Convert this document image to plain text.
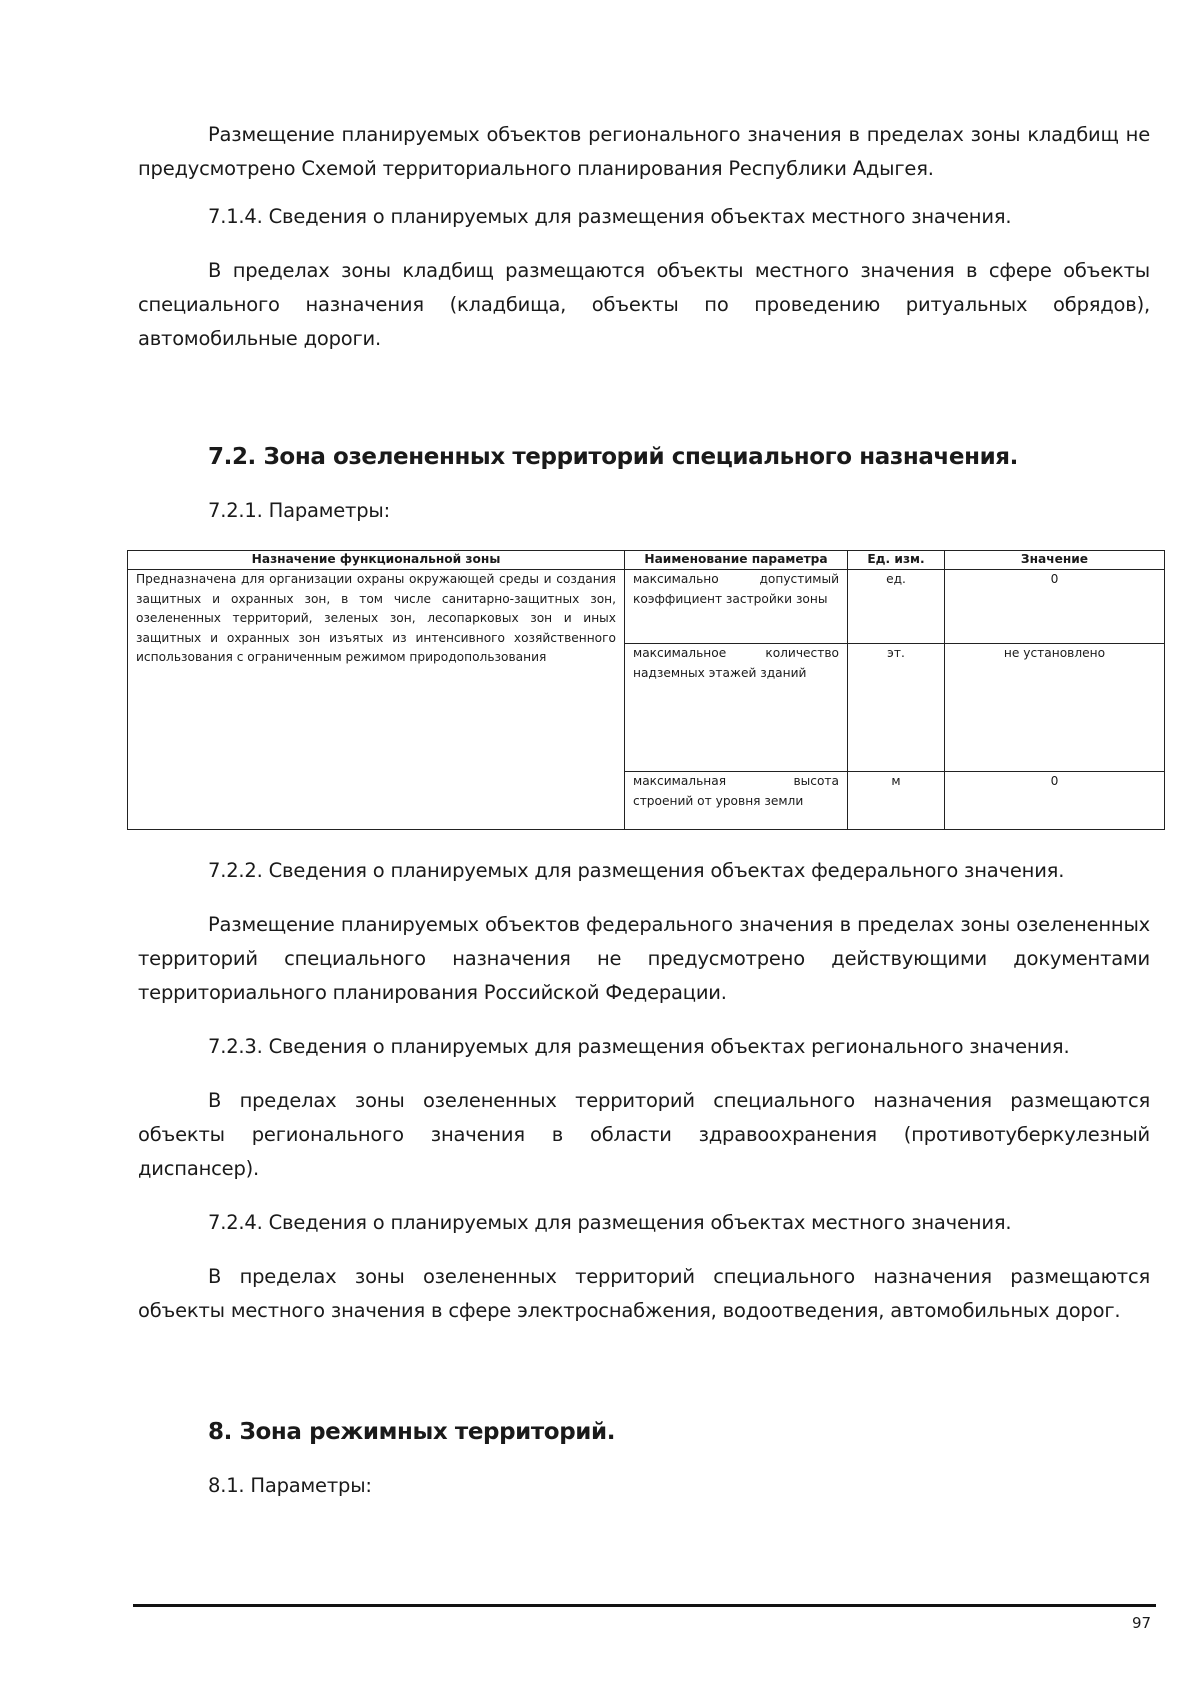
Размещение планируемых объектов регионального значения в пределах зоны кладбищ не предусмотрено Схемой территориального планирования Республики Адыгея.

7.1.4. Сведения о планируемых для размещения объектах местного значения.

В пределах зоны кладбищ размещаются объекты местного значения в сфере объекты специального назначения (кладбища, объекты по проведению ритуальных обрядов), автомобильные дороги.

7.2. Зона озелененных территорий специального назначения.

7.2.1. Параметры:

Назначение функциональной зоны	Наименование параметра	Ед. изм.	Значение
Предназначена для организации охраны окружающей среды и создания защитных и охранных зон, в том числе санитарно-защитных зон, озелененных территорий, зеленых зон, лесопарковых зон и иных защитных и охранных зон изъятых из интенсивного хозяйственного использования с ограниченным режимом природопользования	максимально допустимый коэффициент застройки зоны	ед.	0
	максимальное количество надземных этажей зданий	эт.	не установлено
	максимальная высота строений от уровня земли	м	0

7.2.2. Сведения о планируемых для размещения объектах федерального значения.

Размещение планируемых объектов федерального значения в пределах зоны озелененных территорий специального назначения не предусмотрено действующими документами территориального планирования Российской Федерации.

7.2.3. Сведения о планируемых для размещения объектах регионального значения.

В пределах зоны озелененных территорий специального назначения размещаются объекты регионального значения в области здравоохранения (противотуберкулезный диспансер).

7.2.4. Сведения о планируемых для размещения объектах местного значения.

В пределах зоны озелененных территорий специального назначения размещаются объекты местного значения в сфере электроснабжения, водоотведения, автомобильных дорог.

8. Зона режимных территорий.

8.1. Параметры:

97
